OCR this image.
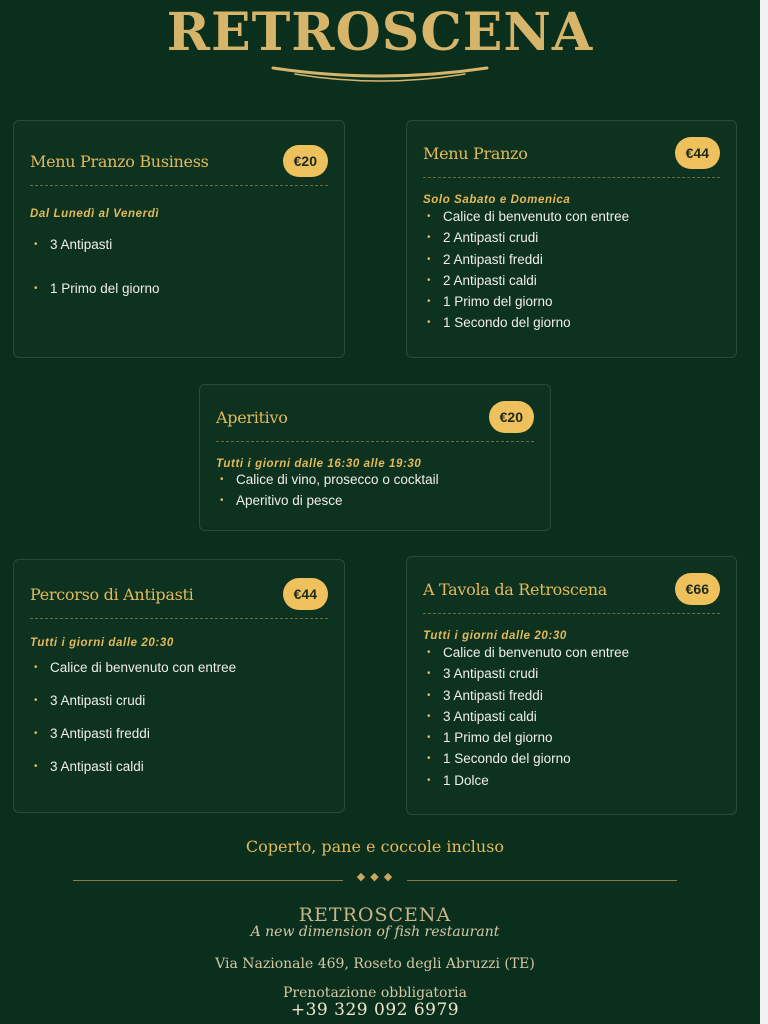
RETROSCENA
Menu Pranzo Business	€20
Dal Lunedì al Venerdì
• 3 Antipasti
• 1 Primo del giorno
Menu Pranzo	€44
Solo Sabato e Domenica
• Calice di benvenuto con entree
• 2 Antipasti crudi
• 2 Antipasti freddi
• 2 Antipasti caldi
• 1 Primo del giorno
• 1 Secondo del giorno
Aperitivo	€20
Tutti i giorni dalle 16:30 alle 19:30
• Calice di vino, prosecco o cocktail
• Aperitivo di pesce
Percorso di Antipasti	€44
Tutti i giorni dalle 20:30
• Calice di benvenuto con entree
• 3 Antipasti crudi
• 3 Antipasti freddi
• 3 Antipasti caldi
A Tavola da Retroscena	€66
Tutti i giorni dalle 20:30
• Calice di benvenuto con entree
• 3 Antipasti crudi
• 3 Antipasti freddi
• 3 Antipasti caldi
• 1 Primo del giorno
• 1 Secondo del giorno
• 1 Dolce
Coperto, pane e coccole incluso
◆ ◆ ◆
RETROSCENA
A new dimension of fish restaurant
Via Nazionale 469, Roseto degli Abruzzi (TE)
Prenotazione obbligatoria
+39 329 092 6979
